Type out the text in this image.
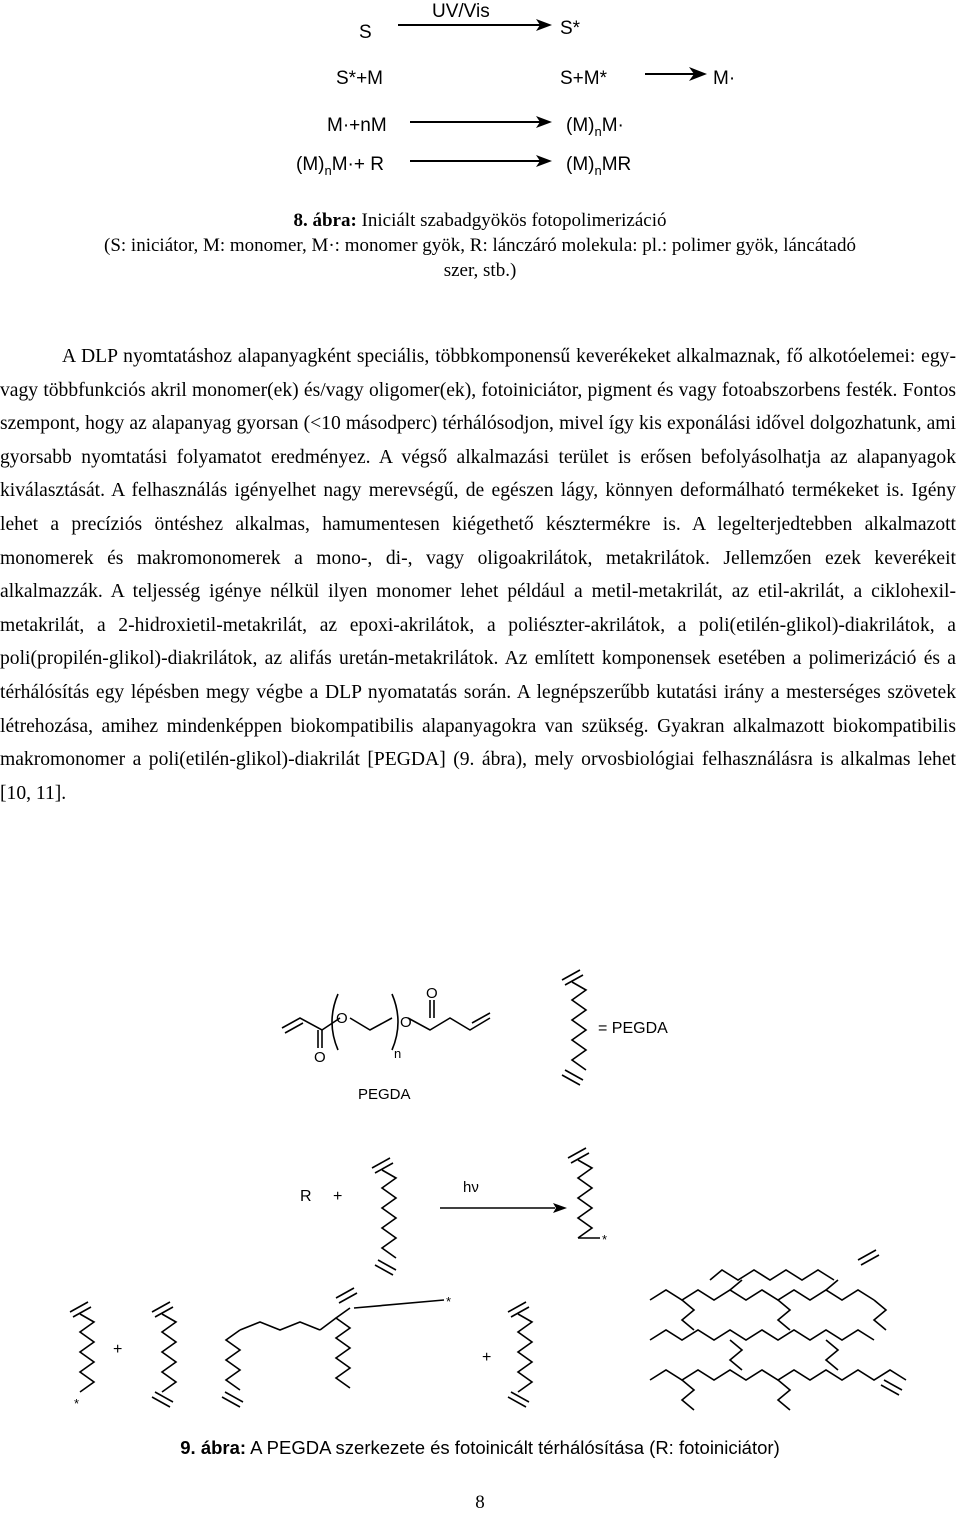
S
UV/Vis
S*
S*+M	S+M*	M·
M·+nM	$(M)_nM\cdot$
$(M)_nM\cdot+ R$	$(M)_nMR$
8. ábra: Iniciált szabadgyökös fotopolimerizáció
(S: iniciátor, M: monomer, M·: monomer gyök, R: lánczáró molekula: pl.: polimer gyök, láncátadó
szer, stb.)

A DLP nyomtatáshoz alapanyagként speciális, többkomponensű keverékeket alkalmaznak, fő alkotóelemei: egy- vagy többfunkciós akril monomer(ek) és/vagy oligomer(ek), fotoiniciátor, pigment és vagy fotoabszorbens festék. Fontos szempont, hogy az alapanyag gyorsan (<10 másodperc) térhálósodjon, mivel így kis exponálási idővel dolgozhatunk, ami gyorsabb nyomtatási folyamatot eredményez. A végső alkalmazási terület is erősen befolyásolhatja az alapanyagok kiválasztását. A felhasználás igényelhet nagy merevségű, de egészen lágy, könnyen deformálható termékeket is. Igény lehet a precíziós öntéshez alkalmas, hamumentesen kiégethető késztermékre is. A legelterjedtebben alkalmazott monomerek és makromonomerek a mono-, di-, vagy oligoakrilátok, metakrilátok. Jellemzően ezek keverékeit alkalmazzák. A teljesség igénye nélkül ilyen monomer lehet például a metil-metakrilát, az etil-akrilát, a ciklohexil-metakrilát, a 2-hidroxietil-metakrilát, az epoxi-akrilátok, a poliészter-akrilátok, a poli(etilén-glikol)-diakrilátok, a poli(propilén-glikol)-diakrilátok, az alifás uretán-metakrilátok. Az említett komponensek esetében a polimerizáció és a térhálósítás egy lépésben megy végbe a DLP nyomatatás során. A legnépszerűbb kutatási irány a mesterséges szövetek létrehozása, amihez mindenképpen biokompatibilis alapanyagokra van szükség. Gyakran alkalmazott biokompatibilis makromonomer a poli(etilén-glikol)-diakrilát [PEGDA] (9. ábra), mely orvosbiológiai felhasználásra is alkalmas lehet [10, 11].

O
O
O
O
n
PEGDA
= PEGDA
R +
hν
*
+	+
*
*
9. ábra: A PEGDA szerkezete és fotoinicált térhálósítása (R: fotoiniciátor)
8
